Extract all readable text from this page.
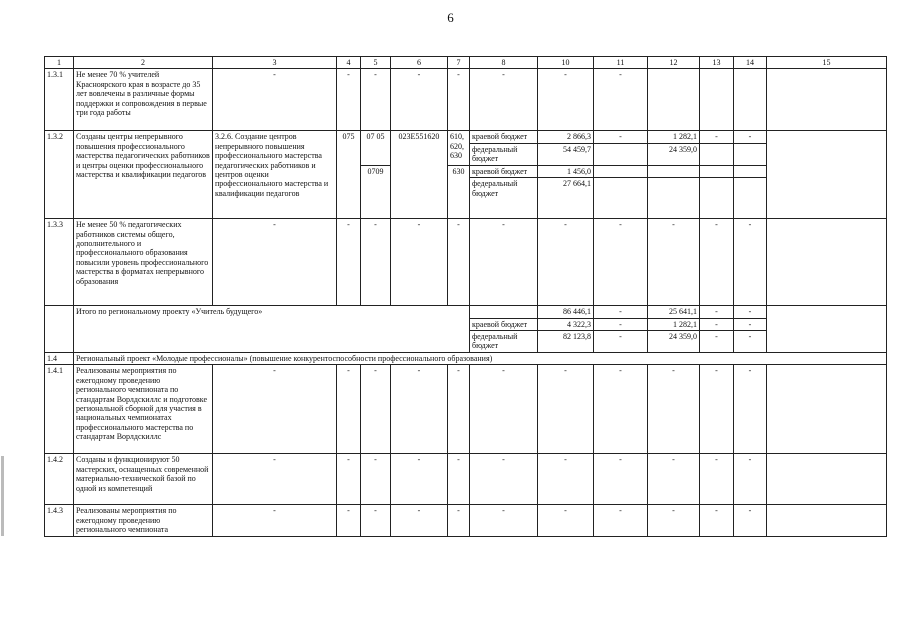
6
1	2	3	4	5	6	7	8	10	11	12	13	14	15
1.3.1	Не менее 70 % учителей Красноярского края в возрасте до 35 лет вовлечены в различные формы поддержки и сопровождения в первые три года работы	-	-	-	-	-	-	-	-				
1.3.2	Созданы центры непрерывного повышения профессионального мастерства педагогических работников и центры оценки профессионального мастерства и квалификации педагогов	3.2.6. Создание центров непрерывного повышения профессионального мастерства педагогических работников и центров оценки профессионального мастерства и квалификации педагогов	075	07 05	023E551620	610, 620, 630	краевой бюджет	2 866,3	-	1 282,1	-	-	
							федеральный бюджет	54 459,7		24 359,0			
				0709		630	краевой бюджет	1 456,0					
							федеральный бюджет	27 664,1					
1.3.3	Не менее 50 % педагогических работников системы общего, дополнительного и профессионального образования повысили уровень профессионального мастерства в форматах непрерывного образования	-	-	-	-	-	-	-	-	-	-	-	
	Итого по региональному проекту «Учитель будущего»							86 446,1	-	25 641,1	-	-	
							краевой бюджет	4 322,3	-	1 282,1	-	-	
							федеральный бюджет	82 123,8	-	24 359,0	-	-	
1.4	Региональный проект «Молодые профессионалы» (повышение конкурентоспособности профессионального образования)												
1.4.1	Реализованы мероприятия по ежегодному проведению регионального чемпионата по стандартам Ворлдскиллс и подготовке региональной сборной для участия в национальных чемпионатах профессионального мастерства по стандартам Ворлдскиллс	-	-	-	-	-	-	-	-	-	-	-	
1.4.2	Созданы и функционируют 50 мастерских, оснащенных современной материально-технической базой по одной из компетенций	-	-	-	-	-	-	-	-	-	-	-	
1.4.3	Реализованы мероприятия по ежегодному проведению регионального чемпионата	-	-	-	-	-	-	-	-	-	-	-	
